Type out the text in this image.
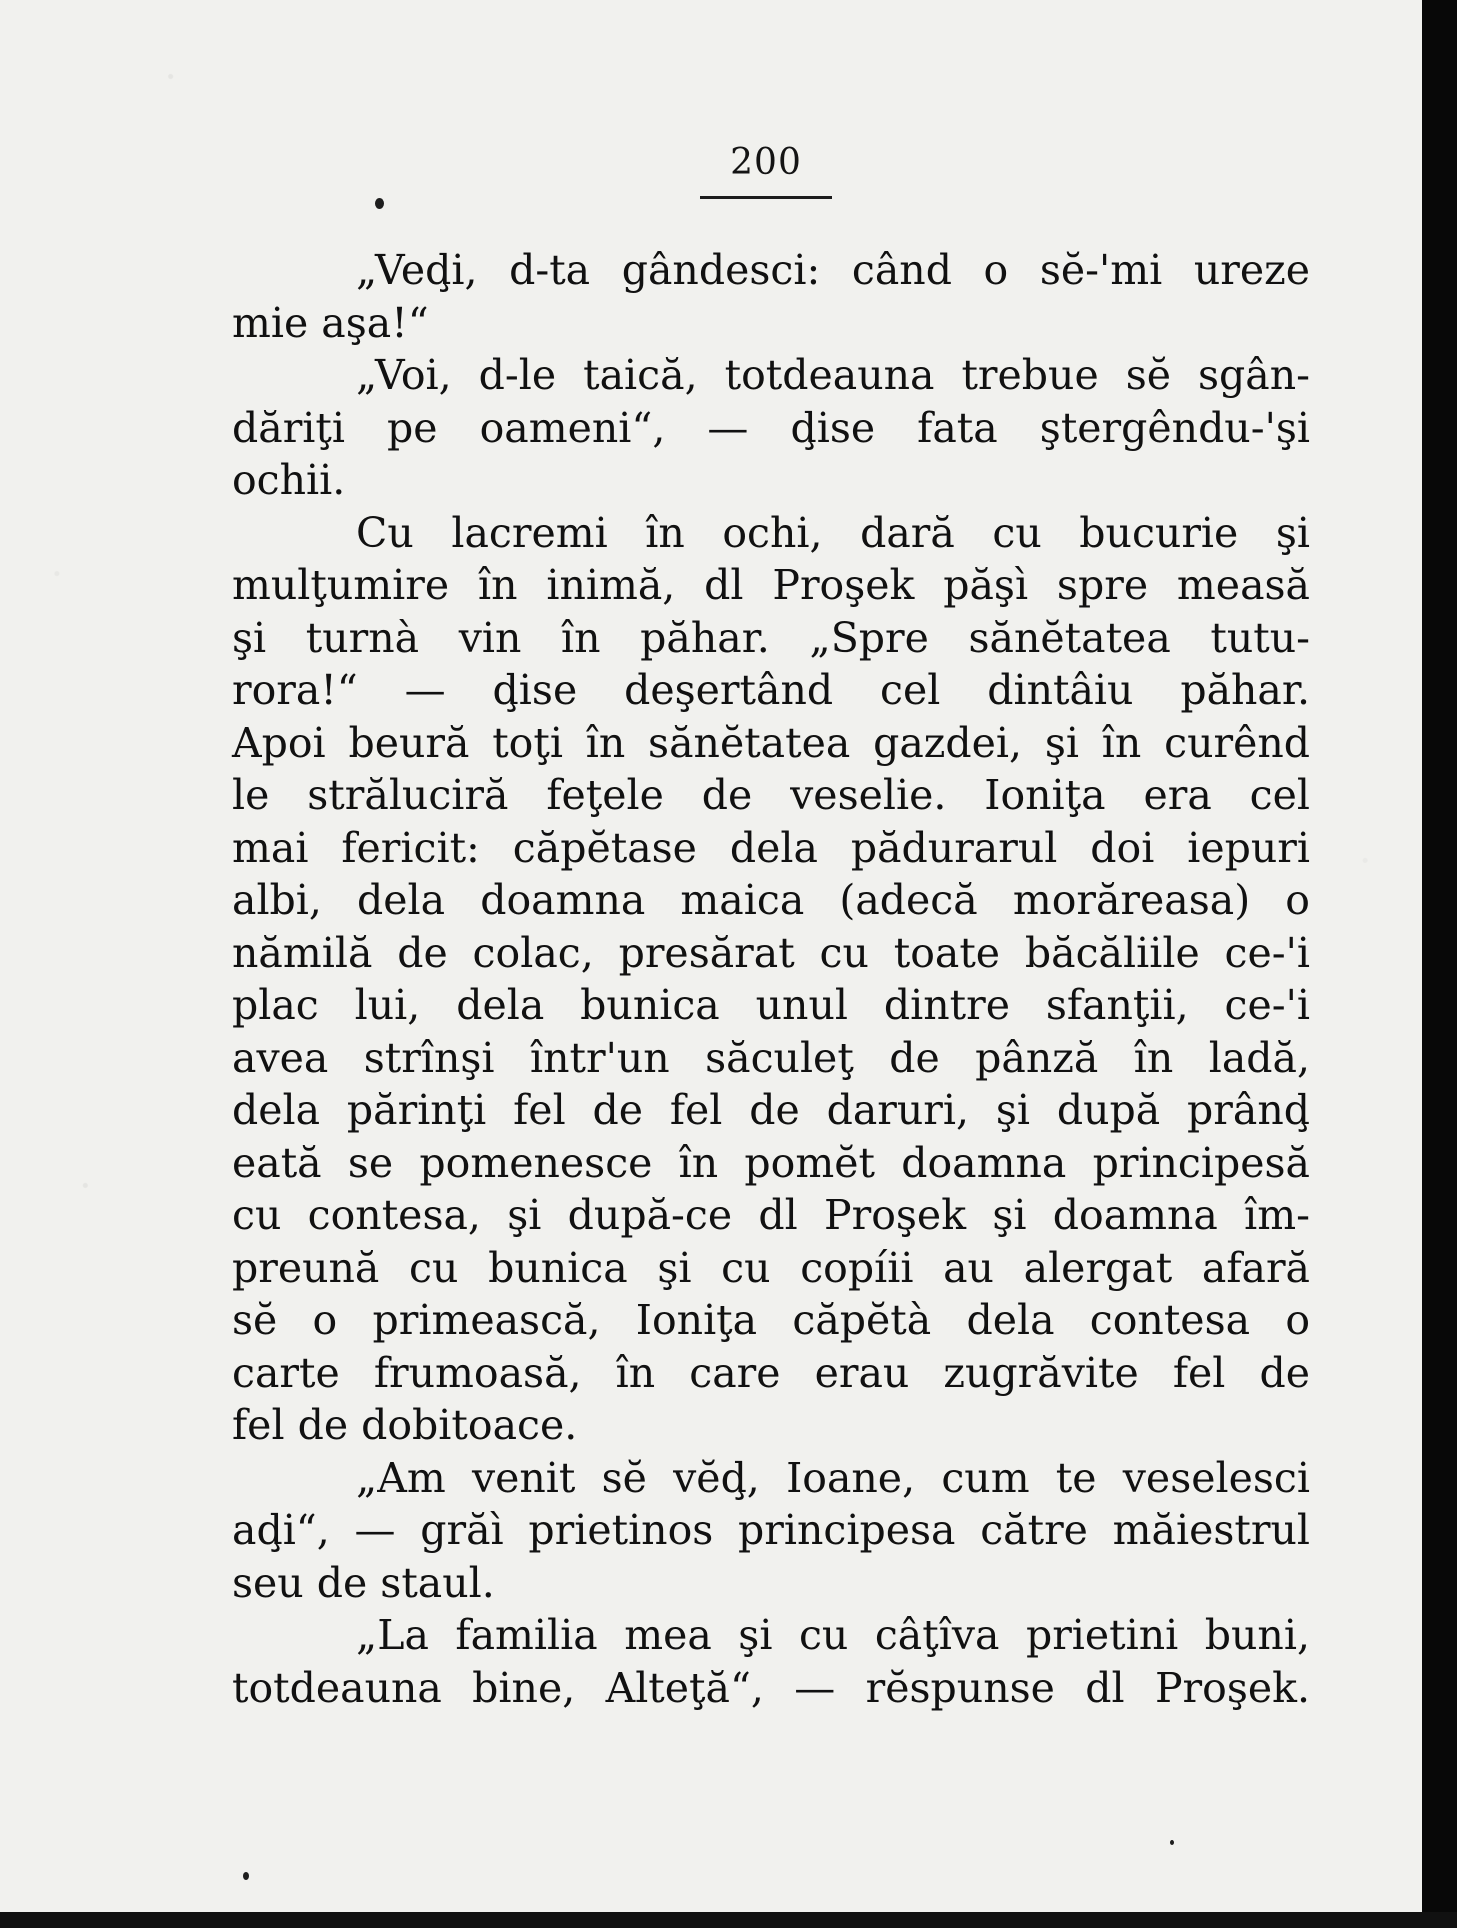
200
„Veḑi, d-ta gândesci: când o sĕ-'mi ureze
mie aşa!“
„Voi, d-le taică, totdeauna trebue sĕ sgân-
dăriţi pe oameni“, — ḑise fata ştergêndu-'şi
ochii.
Cu lacremi în ochi, dară cu bucurie şi
mulţumire în inimă, dl Proşek păşì spre measă
şi turnà vin în păhar. „Spre sănĕtatea tutu-
rora!“ — ḑise deşertând cel dintâiu păhar.
Apoi beură toţi în sănĕtatea gazdei, şi în curênd
le străluciră feţele de veselie. Ioniţa era cel
mai fericit: căpĕtase dela pădurarul doi iepuri
albi, dela doamna maica (adecă morăreasa) o
nămilă de colac, presărat cu toate băcăliile ce-'i
plac lui, dela bunica unul dintre sfanţii, ce-'i
avea strînşi într'un săculeţ de pânză în ladă,
dela părinţi fel de fel de daruri, şi după prânḑ
eată se pomenesce în pomĕt doamna principesă
cu contesa, şi după-ce dl Proşek şi doamna îm-
preună cu bunica şi cu copíii au alergat afară
sĕ o primească, Ioniţa căpĕtà dela contesa o
carte frumoasă, în care erau zugrăvite fel de
fel de dobitoace.
„Am venit sĕ vĕḑ, Ioane, cum te veselesci
aḑi“, — grăì prietinos principesa către măiestrul
seu de staul.
„La familia mea şi cu câţîva prietini buni,
totdeauna bine, Alteţă“, — rĕspunse dl Proşek.
